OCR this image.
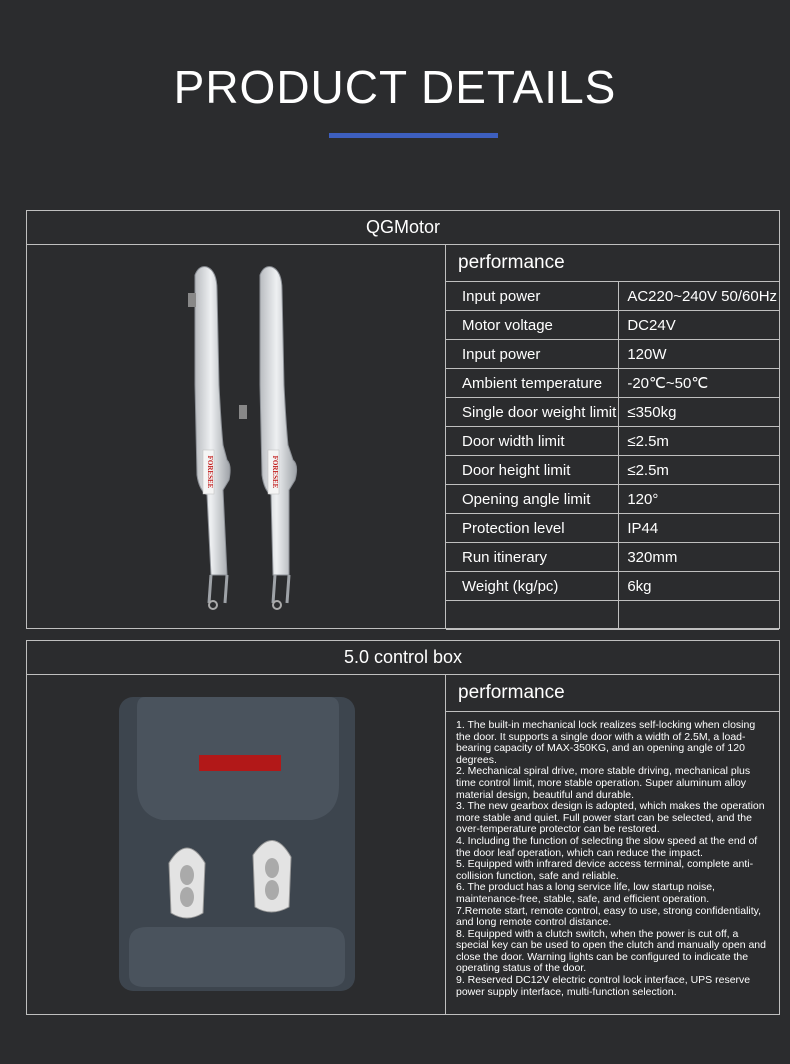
PRODUCT DETAILS
QGMotor
FORESEE	FORESEE
performance
Input power	AC220~240V 50/60Hz
Motor voltage	DC24V
Input power	120W
Ambient temperature	-20℃~50℃
Single door weight limit	≤350kg
Door width limit	≤2.5m
Door height limit	≤2.5m
Opening angle limit	120°
Protection level	IP44
Run itinerary	320mm
Weight (kg/pc)	6kg

5.0 control box
performance

1. The built-in mechanical lock realizes self-locking when closing the door. It supports a single door with a width of 2.5M, a load-bearing capacity of MAX-350KG, and an opening angle of 120 degrees.

2. Mechanical spiral drive, more stable driving, mechanical plus time control limit, more stable operation. Super aluminum alloy material design, beautiful and durable.

3. The new gearbox design is adopted, which makes the operation more stable and quiet. Full power start can be selected, and the over-temperature protector can be restored.

4. Including the function of selecting the slow speed at the end of the door leaf operation, which can reduce the impact.

5. Equipped with infrared device access terminal, complete anti-collision function, safe and reliable.

6. The product has a long service life, low startup noise, maintenance-free, stable, safe, and efficient operation.

7.Remote start, remote control, easy to use, strong confidentiality, and long remote control distance.

8. Equipped with a clutch switch, when the power is cut off, a special key can be used to open the clutch and manually open and close the door. Warning lights can be configured to indicate the operating status of the door.

9. Reserved DC12V electric control lock interface, UPS reserve power supply interface, multi-function selection.
